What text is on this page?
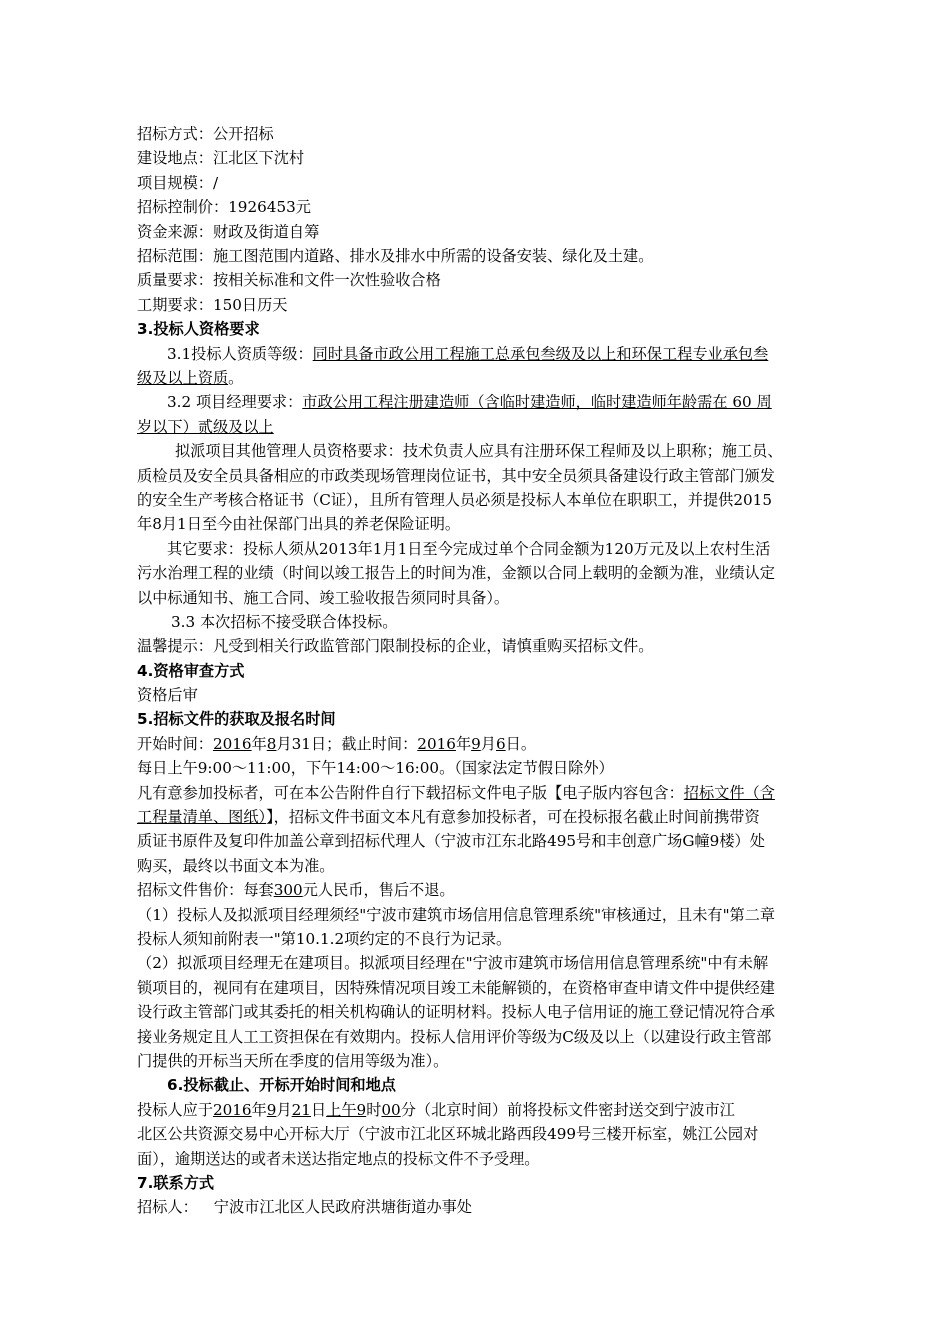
招标方式：公开招标
建设地点：江北区下沈村
项目规模：/
招标控制价：1926453元
资金来源：财政及街道自筹
招标范围：施工图范围内道路、排水及排水中所需的设备安装、绿化及土建。
质量要求：按相关标准和文件一次性验收合格
工期要求：150日历天
3.投标人资格要求
3.1投标人资质等级：同时具备市政公用工程施工总承包叁级及以上和环保工程专业承包叁
级及以上资质。
3.2 项目经理要求：市政公用工程注册建造师（含临时建造师，临时建造师年龄需在 60 周
岁以下）贰级及以上
拟派项目其他管理人员资格要求：技术负责人应具有注册环保工程师及以上职称；施工员、
质检员及安全员具备相应的市政类现场管理岗位证书，其中安全员须具备建设行政主管部门颁发
的安全生产考核合格证书（C证），且所有管理人员必须是投标人本单位在职职工，并提供2015
年8月1日至今由社保部门出具的养老保险证明。
其它要求：投标人须从2013年1月1日至今完成过单个合同金额为120万元及以上农村生活
污水治理工程的业绩（时间以竣工报告上的时间为准，金额以合同上载明的金额为准，业绩认定
以中标通知书、施工合同、竣工验收报告须同时具备）。
3.3 本次招标不接受联合体投标。
温馨提示：凡受到相关行政监管部门限制投标的企业，请慎重购买招标文件。
4.资格审查方式
资格后审
5.招标文件的获取及报名时间
开始时间：2016年8月31日；截止时间：2016年9月6日。
每日上午9:00～11:00，下午14:00～16:00。（国家法定节假日除外）
凡有意参加投标者，可在本公告附件自行下载招标文件电子版【电子版内容包含：招标文件（含
工程量清单、图纸）】，招标文件书面文本凡有意参加投标者，可在投标报名截止时间前携带资
质证书原件及复印件加盖公章到招标代理人（宁波市江东北路495号和丰创意广场G幢9楼）处
购买，最终以书面文本为准。
招标文件售价：每套300元人民币，售后不退。
（1）投标人及拟派项目经理须经"宁波市建筑市场信用信息管理系统"审核通过，且未有"第二章
投标人须知前附表一"第10.1.2项约定的不良行为记录。
（2）拟派项目经理无在建项目。拟派项目经理在"宁波市建筑市场信用信息管理系统"中有未解
锁项目的，视同有在建项目，因特殊情况项目竣工未能解锁的，在资格审查申请文件中提供经建
设行政主管部门或其委托的相关机构确认的证明材料。投标人电子信用证的施工登记情况符合承
接业务规定且人工工资担保在有效期内。投标人信用评价等级为C级及以上（以建设行政主管部
门提供的开标当天所在季度的信用等级为准）。
6.投标截止、开标开始时间和地点
投标人应于2016年9月21日上午9时00分（北京时间）前将投标文件密封送交到宁波市江
北区公共资源交易中心开标大厅（宁波市江北区环城北路西段499号三楼开标室，姚江公园对
面），逾期送达的或者未送达指定地点的投标文件不予受理。
7.联系方式
招标人： 宁波市江北区人民政府洪塘街道办事处
